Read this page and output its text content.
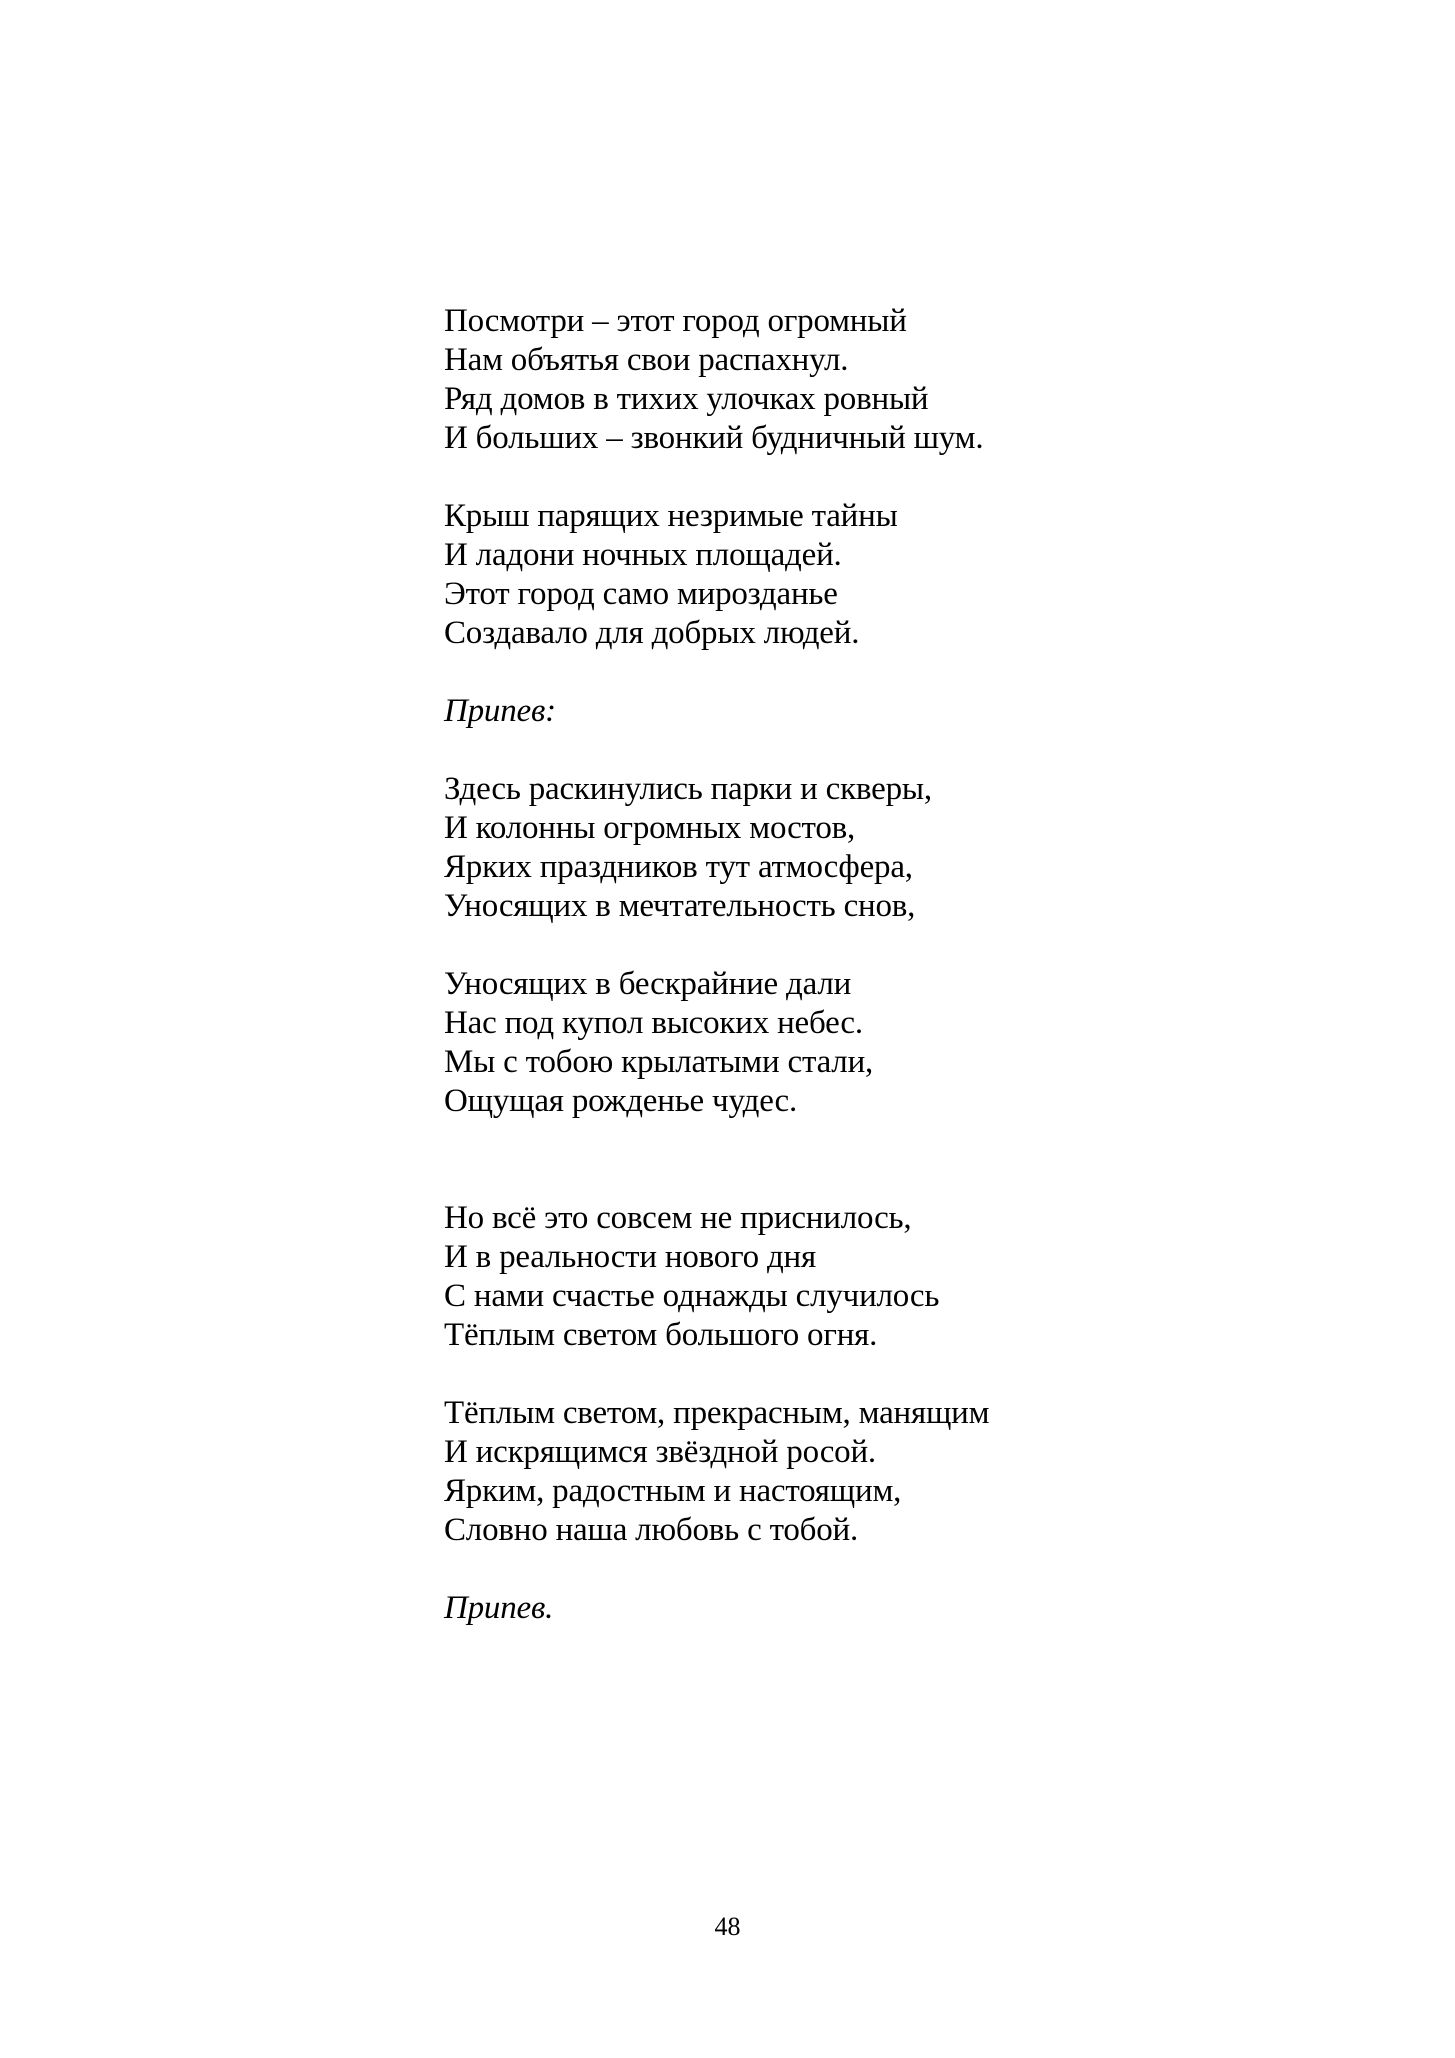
Посмотри – этот город огромный
Нам объятья свои распахнул.
Ряд домов в тихих улочках ровный
И больших – звонкий будничный шум.
Крыш парящих незримые тайны
И ладони ночных площадей.
Этот город само мирозданье
Создавало для добрых людей.
Припев:
Здесь раскинулись парки и скверы,
И колонны огромных мостов,
Ярких праздников тут атмосфера,
Уносящих в мечтательность снов,
Уносящих в бескрайние дали
Нас под купол высоких небес.
Мы с тобою крылатыми стали,
Ощущая рожденье чудес.
Но всё это совсем не приснилось,
И в реальности нового дня
С нами счастье однажды случилось
Тёплым светом большого огня.
Тёплым светом, прекрасным, манящим
И искрящимся звёздной росой.
Ярким, радостным и настоящим,
Словно наша любовь с тобой.
Припев.
48
